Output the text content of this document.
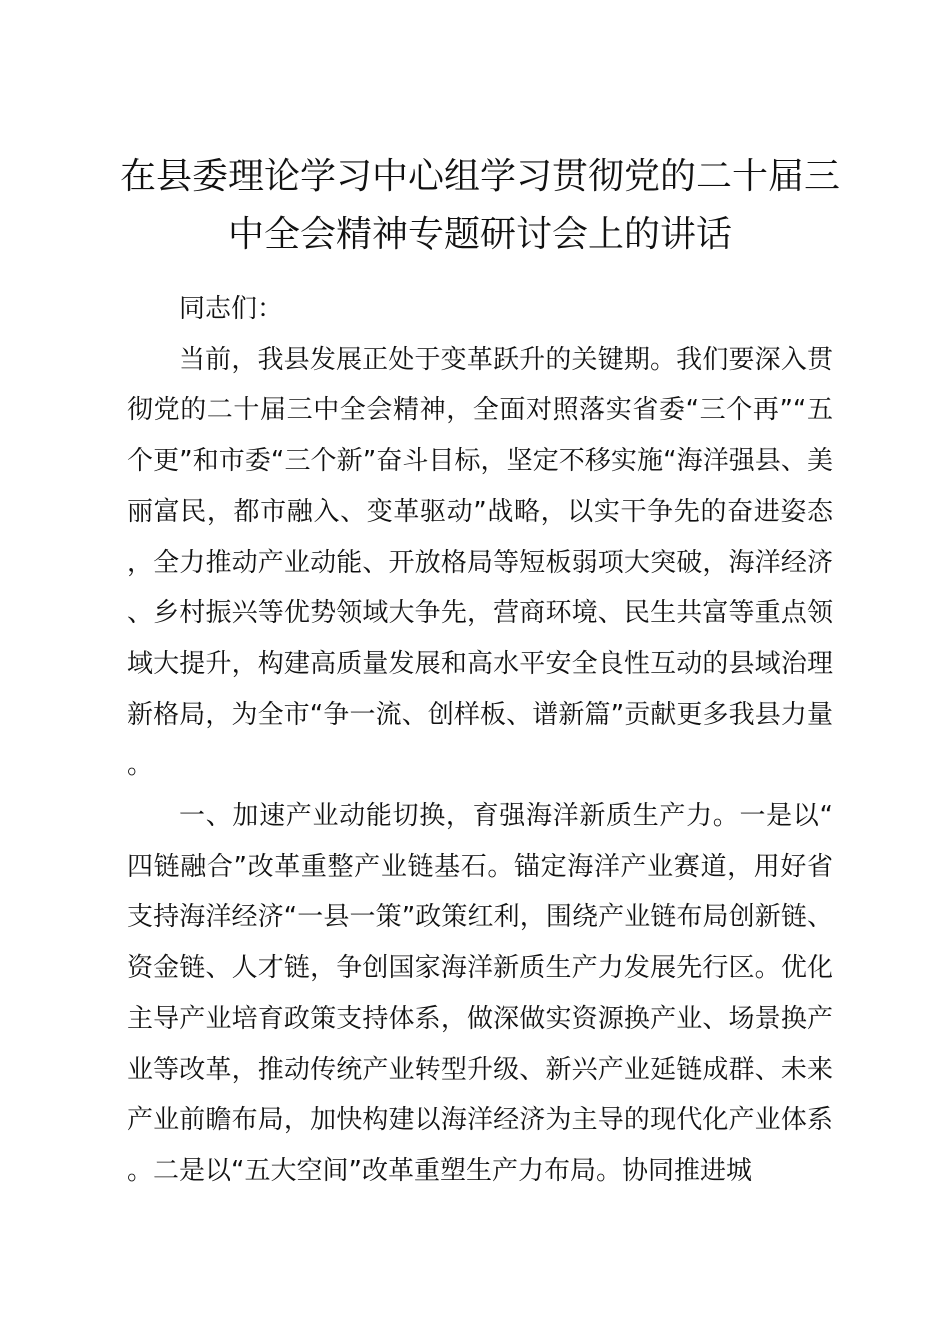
在县委理论学习中心组学习贯彻党的二十届三
中全会精神专题研讨会上的讲话

同志们：

当前，我县发展正处于变革跃升的关键期。我们要深入贯彻党的二十届三中全会精神，全面对照落实省委“三个再”“五个更”和市委“三个新”奋斗目标，坚定不移实施“海洋强县、美丽富民，都市融入、变革驱动”战略，以实干争先的奋进姿态，全力推动产业动能、开放格局等短板弱项大突破，海洋经济、乡村振兴等优势领域大争先，营商环境、民生共富等重点领域大提升，构建高质量发展和高水平安全良性互动的县域治理新格局，为全市“争一流、创样板、谱新篇”贡献更多我县力量。

一、加速产业动能切换，育强海洋新质生产力。一是以“四链融合”改革重整产业链基石。锚定海洋产业赛道，用好省支持海洋经济“一县一策”政策红利，围绕产业链布局创新链、资金链、人才链，争创国家海洋新质生产力发展先行区。优化主导产业培育政策支持体系，做深做实资源换产业、场景换产业等改革，推动传统产业转型升级、新兴产业延链成群、未来产业前瞻布局，加快构建以海洋经济为主导的现代化产业体系。二是以“五大空间”改革重塑生产力布局。协同推进城
